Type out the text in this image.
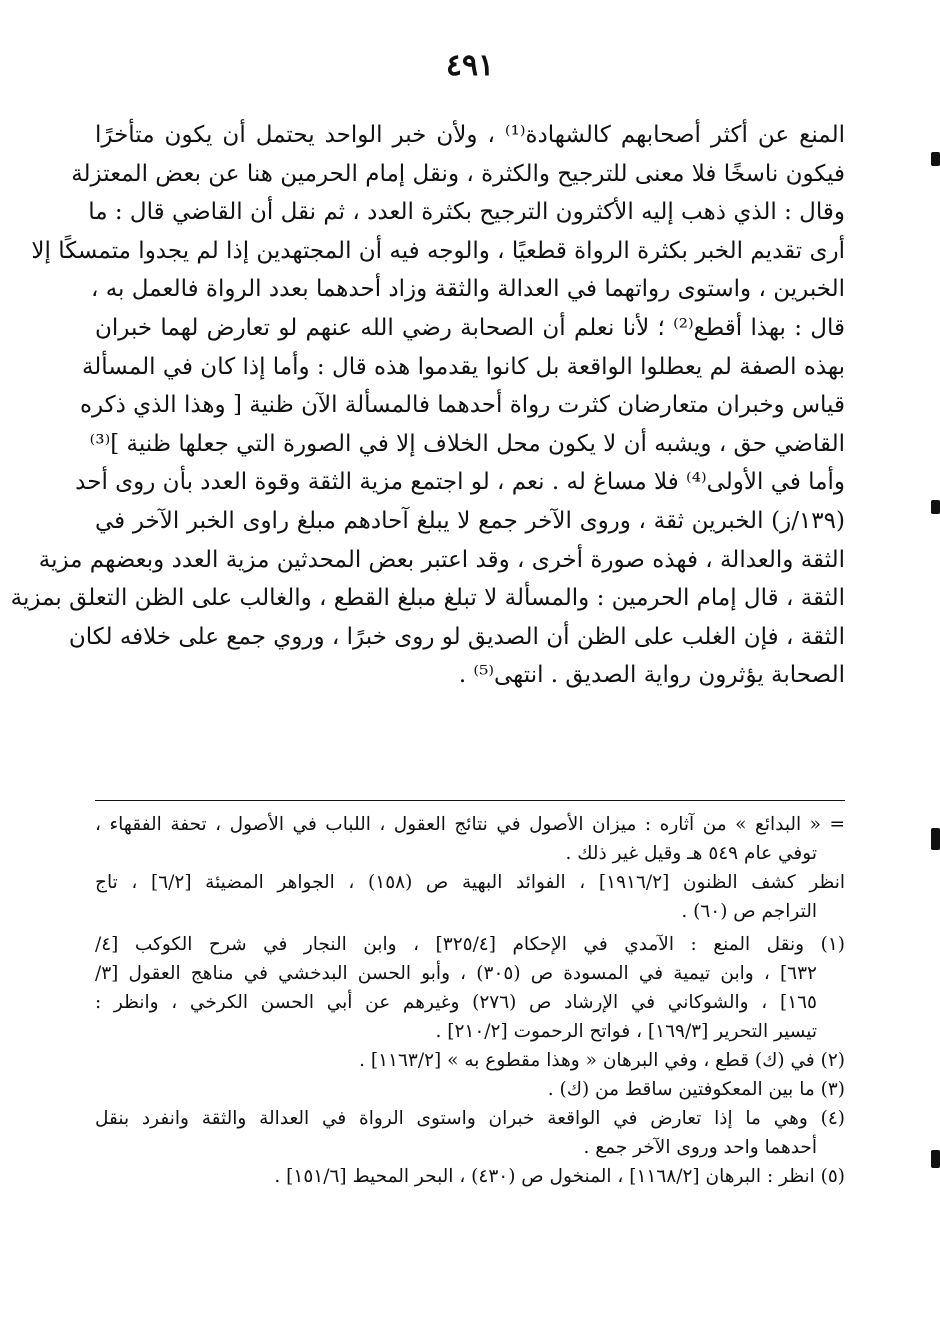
٤٩١
المنع عن أكثر أصحابهم كالشهادة⁽¹⁾ ، ولأن خبر الواحد يحتمل أن يكون متأخرًا
فيكون ناسخًا فلا معنى للترجيح والكثرة ، ونقل إمام الحرمين هنا عن بعض المعتزلة
وقال : الذي ذهب إليه الأكثرون الترجيح بكثرة العدد ، ثم نقل أن القاضي قال : ما
أرى تقديم الخبر بكثرة الرواة قطعيًا ، والوجه فيه أن المجتهدين إذا لم يجدوا متمسكًا إلا
الخبرين ، واستوى رواتهما في العدالة والثقة وزاد أحدهما بعدد الرواة فالعمل به ،
قال : بهذا أقطع⁽²⁾ ؛ لأنا نعلم أن الصحابة رضي الله عنهم لو تعارض لهما خبران
بهذه الصفة لم يعطلوا الواقعة بل كانوا يقدموا هذه قال : وأما إذا كان في المسألة
قياس وخبران متعارضان كثرت رواة أحدهما فالمسألة الآن ظنية [ وهذا الذي ذكره
القاضي حق ، ويشبه أن لا يكون محل الخلاف إلا في الصورة التي جعلها ظنية ]⁽³⁾
وأما في الأولى⁽⁴⁾ فلا مساغ له . نعم ، لو اجتمع مزية الثقة وقوة العدد بأن روى أحد
(١٣٩/ز) الخبرين ثقة ، وروى الآخر جمع لا يبلغ آحادهم مبلغ راوى الخبر الآخر في
الثقة والعدالة ، فهذه صورة أخرى ، وقد اعتبر بعض المحدثين مزية العدد وبعضهم مزية
الثقة ، قال إمام الحرمين : والمسألة لا تبلغ مبلغ القطع ، والغالب على الظن التعلق بمزية
الثقة ، فإن الغلب على الظن أن الصديق لو روى خبرًا ، وروي جمع على خلافه لكان
الصحابة يؤثرون رواية الصديق . انتهى⁽⁵⁾ .
= « البدائع » من آثاره : ميزان الأصول في نتائج العقول ، اللباب في الأصول ، تحفة الفقهاء ،
توفي عام ٥٤٩ هـ وقيل غير ذلك .
انظر كشف الظنون [١٩١٦/٢] ، الفوائد البهية ص (١٥٨) ، الجواهر المضيئة [٦/٢] ، تاج
التراجم ص (٦٠) .
(١) ونقل المنع : الآمدي في الإحكام [٣٢٥/٤] ، وابن النجار في شرح الكوكب [٤/
٦٣٢] ، وابن تيمية في المسودة ص (٣٠٥) ، وأبو الحسن البدخشي في مناهج العقول [٣/
١٦٥] ، والشوكاني في الإرشاد ص (٢٧٦) وغيرهم عن أبي الحسن الكرخي ، وانظر :
تيسير التحرير [١٦٩/٣] ، فواتح الرحموت [٢١٠/٢] .
(٢) في (ك) قطع ، وفي البرهان « وهذا مقطوع به » [١١٦٣/٢] .
(٣) ما بين المعكوفتين ساقط من (ك) .
(٤) وهي ما إذا تعارض في الواقعة خبران واستوى الرواة في العدالة والثقة وانفرد بنقل
أحدهما واحد وروى الآخر جمع .
(٥) انظر : البرهان [١١٦٨/٢] ، المنخول ص (٤٣٠) ، البحر المحيط [١٥١/٦] .
